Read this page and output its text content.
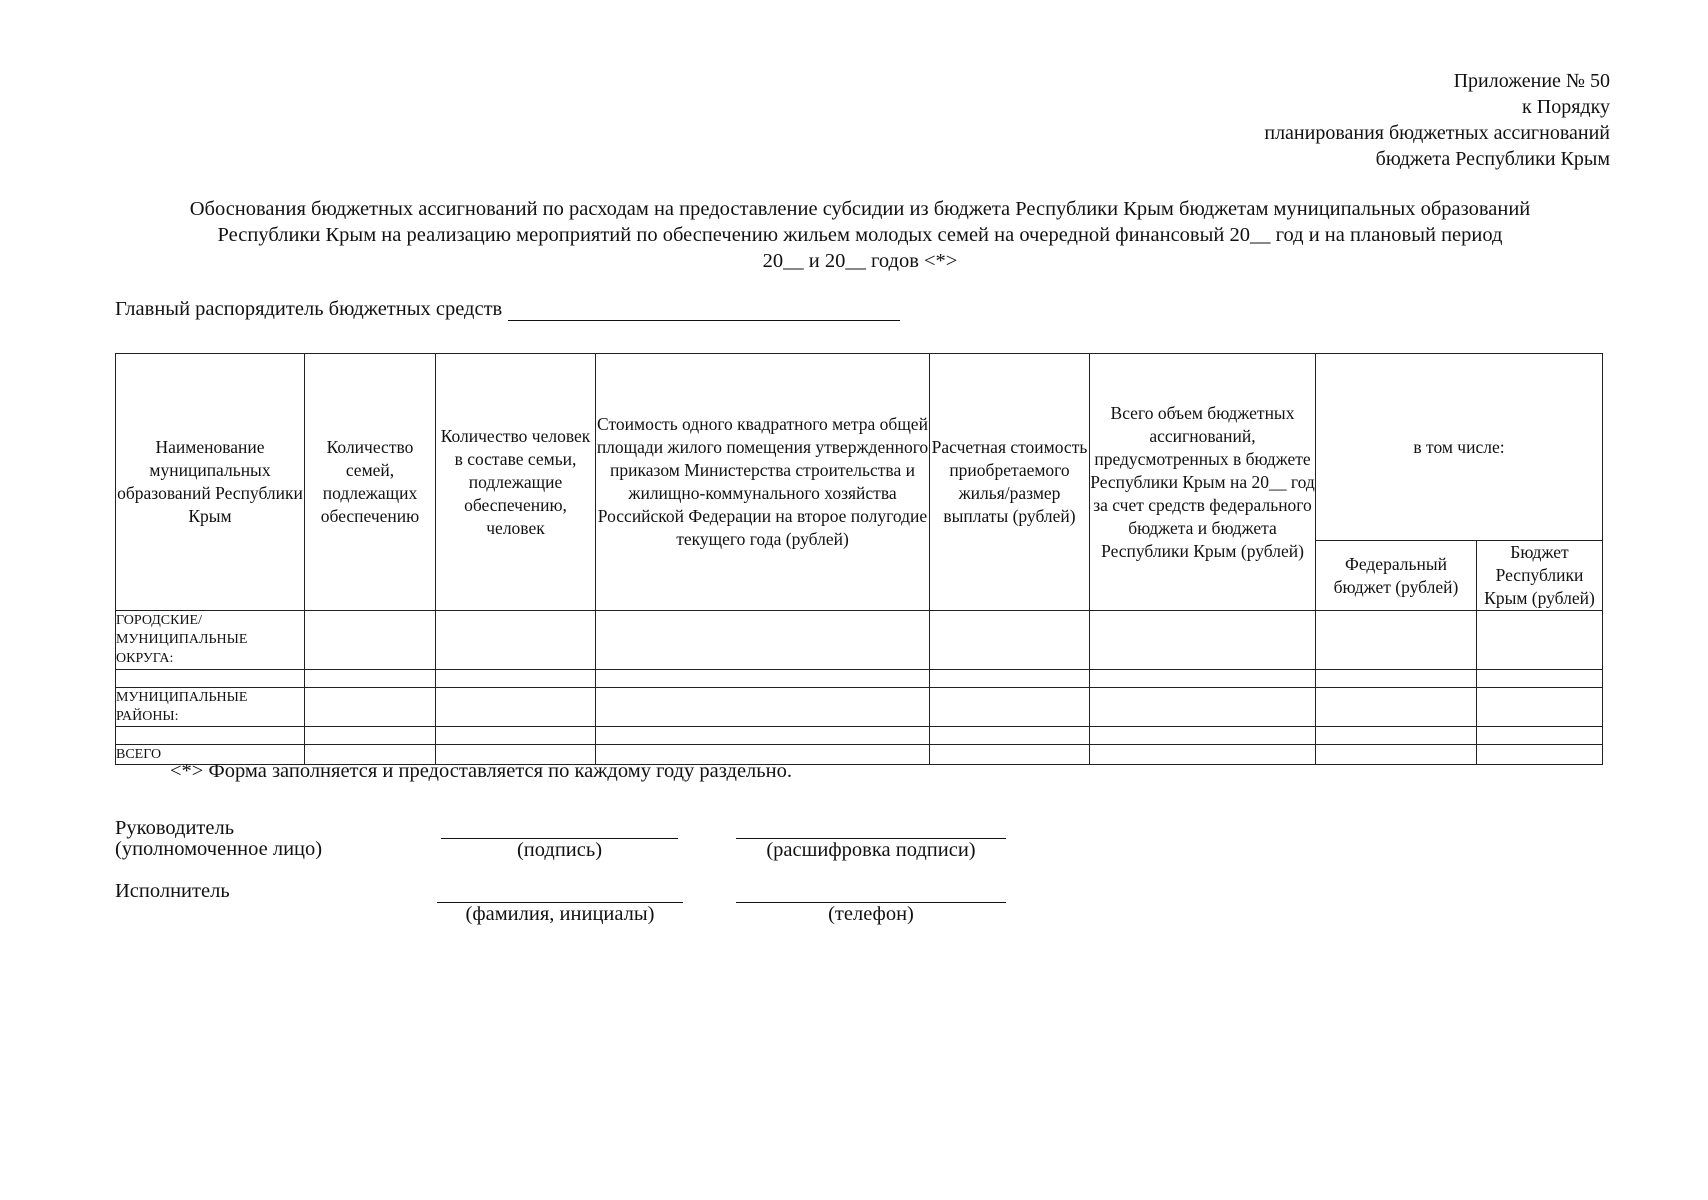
Приложение № 50
к Порядку
планирования бюджетных ассигнований
бюджета Республики Крым
Обоснования бюджетных ассигнований по расходам на предоставление субсидии из бюджета Республики Крым бюджетам муниципальных образований
Республики Крым на реализацию мероприятий по обеспечению жильем молодых семей на очередной финансовый 20__ год и на плановый период
20__ и 20__ годов <*>
Главный распорядитель бюджетных средств
Наименование муниципальных образований Республики Крым	Количество семей, подлежащих обеспечению	Количество человек в составе семьи, подлежащие обеспечению, человек	Стоимость одного квадратного метра общей площади жилого помещения утвержденного приказом Министерства строительства и жилищно-коммунального хозяйства Российской Федерации на второе полугодие текущего года (рублей)	Расчетная стоимость приобретаемого жилья/размер выплаты (рублей)	Всего объем бюджетных ассигнований, предусмотренных в бюджете Республики Крым на 20__ год за счет средств федерального бюджета и бюджета Республики Крым (рублей)	в том числе:	
						Федеральный бюджет (рублей)	Бюджет Республики Крым (рублей)
ГОРОДСКИЕ/ МУНИЦИПАЛЬНЫЕ ОКРУГА:							

МУНИЦИПАЛЬНЫЕ РАЙОНЫ:							

ВСЕГО							
<*> Форма заполняется и предоставляется по каждому году раздельно.
Руководитель
(уполномоченное лицо)	(подпись)	(расшифровка подписи)
Исполнитель
(фамилия, инициалы)	(телефон)
